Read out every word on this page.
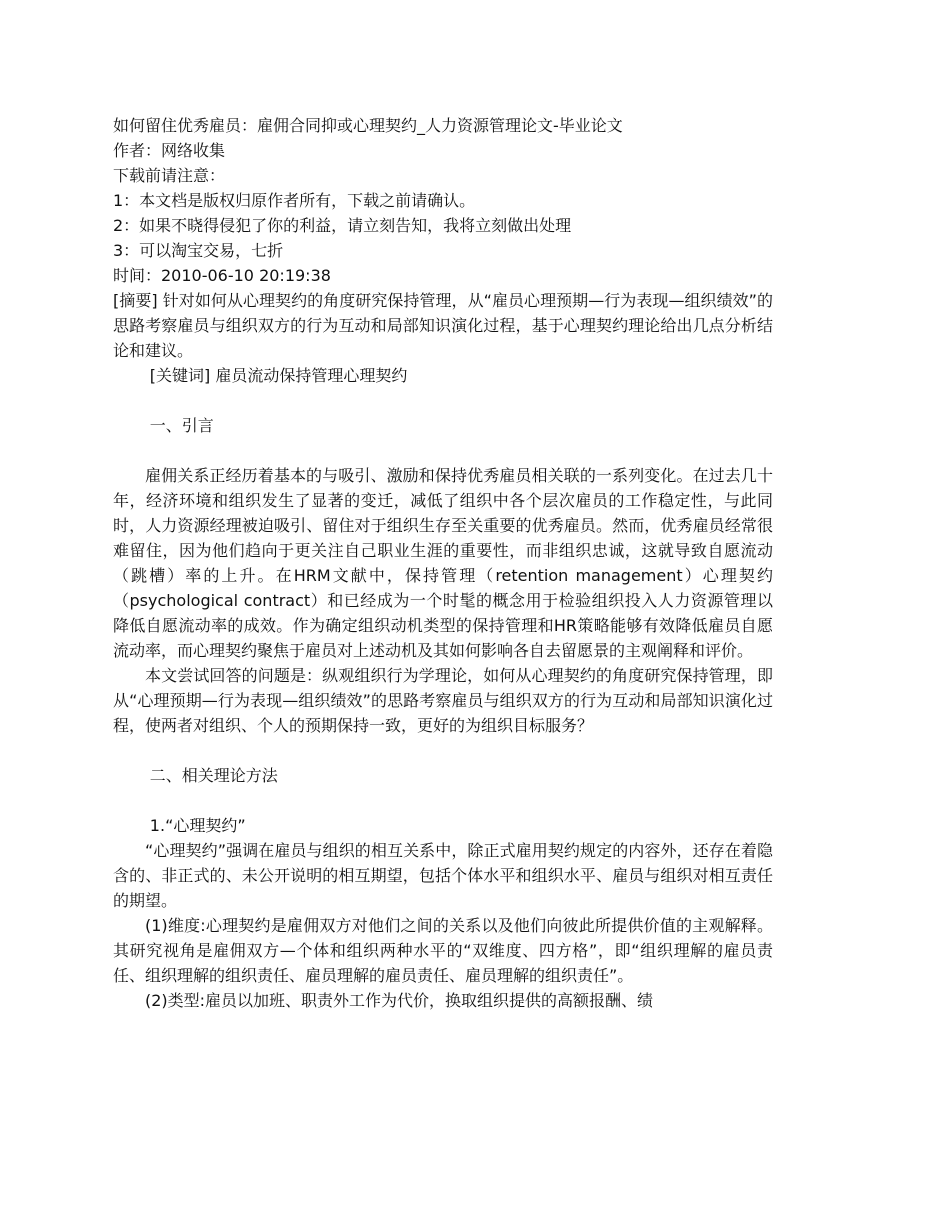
如何留住优秀雇员：雇佣合同抑或心理契约_人力资源管理论文-毕业论文
作者：网络收集
下载前请注意：
1：本文档是版权归原作者所有，下载之前请确认。
2：如果不晓得侵犯了你的利益，请立刻告知，我将立刻做出处理
3：可以淘宝交易，七折
时间：2010-06-10 20:19:38

[摘要] 针对如何从心理契约的角度研究保持管理，从“雇员心理预期—行为表现—组织绩效”的思路考察雇员与组织双方的行为互动和局部知识演化过程，基于心理契约理论给出几点分析结论和建议。

[关键词] 雇员流动保持管理心理契约
一、引言

雇佣关系正经历着基本的与吸引、激励和保持优秀雇员相关联的一系列变化。在过去几十年，经济环境和组织发生了显著的变迁，减低了组织中各个层次雇员的工作稳定性，与此同时，人力资源经理被迫吸引、留住对于组织生存至关重要的优秀雇员。然而，优秀雇员经常很难留住，因为他们趋向于更关注自己职业生涯的重要性，而非组织忠诚，这就导致自愿流动（跳槽）率的上升。在HRM文献中，保持管理（retention management）心理契约（psychological contract）和已经成为一个时髦的概念用于检验组织投入人力资源管理以降低自愿流动率的成效。作为确定组织动机类型的保持管理和HR策略能够有效降低雇员自愿流动率，而心理契约聚焦于雇员对上述动机及其如何影响各自去留愿景的主观阐释和评价。

本文尝试回答的问题是：纵观组织行为学理论，如何从心理契约的角度研究保持管理，即从“心理预期—行为表现—组织绩效”的思路考察雇员与组织双方的行为互动和局部知识演化过程，使两者对组织、个人的预期保持一致，更好的为组织目标服务？

二、相关理论方法
1.“心理契约”

“心理契约”强调在雇员与组织的相互关系中，除正式雇用契约规定的内容外，还存在着隐含的、非正式的、未公开说明的相互期望，包括个体水平和组织水平、雇员与组织对相互责任的期望。

(1)维度:心理契约是雇佣双方对他们之间的关系以及他们向彼此所提供价值的主观解释。其研究视角是雇佣双方—个体和组织两种水平的“双维度、四方格”，即“组织理解的雇员责任、组织理解的组织责任、雇员理解的雇员责任、雇员理解的组织责任”。

(2)类型:雇员以加班、职责外工作为代价，换取组织提供的高额报酬、绩
